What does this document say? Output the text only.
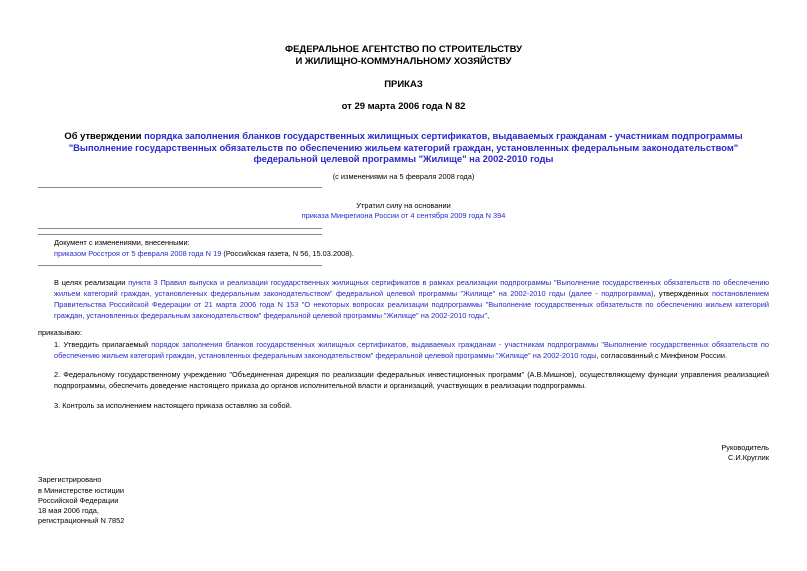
ФЕДЕРАЛЬНОЕ АГЕНТСТВО ПО СТРОИТЕЛЬСТВУ
И ЖИЛИЩНО-КОММУНАЛЬНОМУ ХОЗЯЙСТВУ
ПРИКАЗ
от 29 марта 2006 года N 82
Об утверждении порядка заполнения бланков государственных жилищных сертификатов, выдаваемых гражданам - участникам подпрограммы "Выполнение государственных обязательств по обеспечению жильем категорий граждан, установленных федеральным законодательством" федеральной целевой программы "Жилище" на 2002-2010 годы
(с изменениями на 5 февраля 2008 года)
Утратил силу на основании
приказа Минрегиона России от 4 сентября 2009 года N 394
Документ с изменениями, внесенными:
приказом Росстроя от 5 февраля 2008 года N 19 (Российская газета, N 56, 15.03.2008).
В целях реализации пункта 3 Правил выпуска и реализации государственных жилищных сертификатов в рамках реализации подпрограммы "Выполнение государственных обязательств по обеспечению жильем категорий граждан, установленных федеральным законодательством" федеральной целевой программы "Жилище" на 2002-2010 годы (далее - подпрограмма), утвержденных постановлением Правительства Российской Федерации от 21 марта 2006 года N 153 "О некоторых вопросах реализации подпрограммы "Выполнение государственных обязательств по обеспечению жильем категорий граждан, установленных федеральным законодательством" федеральной целевой программы "Жилище" на 2002-2010 годы",
приказываю:
1. Утвердить прилагаемый порядок заполнения бланков государственных жилищных сертификатов, выдаваемых гражданам - участникам подпрограммы "Выполнение государственных обязательств по обеспечению жильем категорий граждан, установленных федеральным законодательством" федеральной целевой программы "Жилище" на 2002-2010 годы, согласованный с Минфином России.
2. Федеральному государственному учреждению "Объединенная дирекция по реализации федеральных инвестиционных программ" (А.В.Мишнов), осуществляющему функции управления реализацией подпрограммы, обеспечить доведение настоящего приказа до органов исполнительной власти и организаций, участвующих в реализации подпрограммы.
3. Контроль за исполнением настоящего приказа оставляю за собой.
Руководитель
С.И.Круглик
Зарегистрировано
в Министерстве юстиции
Российской Федерации
18 мая 2006 года,
регистрационный N 7852
